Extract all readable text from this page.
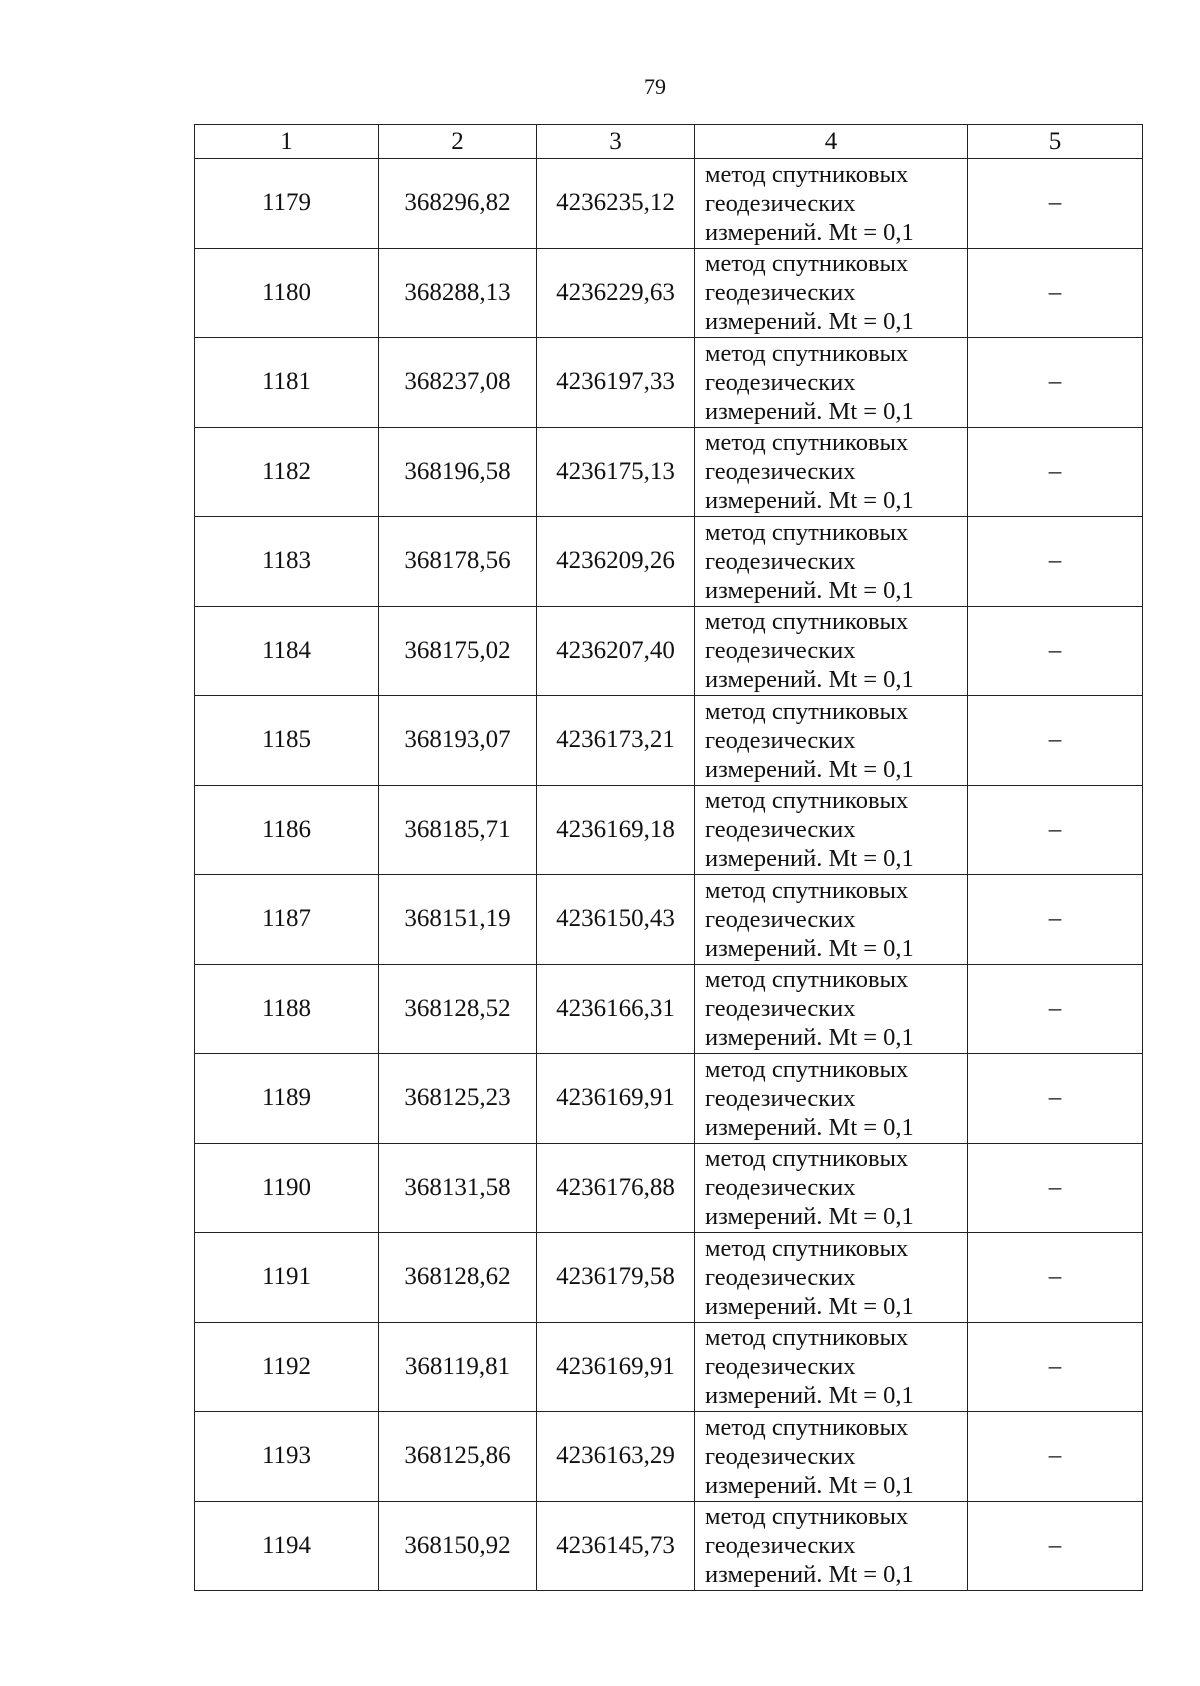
79
1	2	3	4	5
1179	368296,82	4236235,12	метод спутниковых
геодезических
измерений. Mt = 0,1	–
1180	368288,13	4236229,63	метод спутниковых
геодезических
измерений. Mt = 0,1	–
1181	368237,08	4236197,33	метод спутниковых
геодезических
измерений. Mt = 0,1	–
1182	368196,58	4236175,13	метод спутниковых
геодезических
измерений. Mt = 0,1	–
1183	368178,56	4236209,26	метод спутниковых
геодезических
измерений. Mt = 0,1	–
1184	368175,02	4236207,40	метод спутниковых
геодезических
измерений. Mt = 0,1	–
1185	368193,07	4236173,21	метод спутниковых
геодезических
измерений. Mt = 0,1	–
1186	368185,71	4236169,18	метод спутниковых
геодезических
измерений. Mt = 0,1	–
1187	368151,19	4236150,43	метод спутниковых
геодезических
измерений. Mt = 0,1	–
1188	368128,52	4236166,31	метод спутниковых
геодезических
измерений. Mt = 0,1	–
1189	368125,23	4236169,91	метод спутниковых
геодезических
измерений. Mt = 0,1	–
1190	368131,58	4236176,88	метод спутниковых
геодезических
измерений. Mt = 0,1	–
1191	368128,62	4236179,58	метод спутниковых
геодезических
измерений. Mt = 0,1	–
1192	368119,81	4236169,91	метод спутниковых
геодезических
измерений. Mt = 0,1	–
1193	368125,86	4236163,29	метод спутниковых
геодезических
измерений. Mt = 0,1	–
1194	368150,92	4236145,73	метод спутниковых
геодезических
измерений. Mt = 0,1	–
